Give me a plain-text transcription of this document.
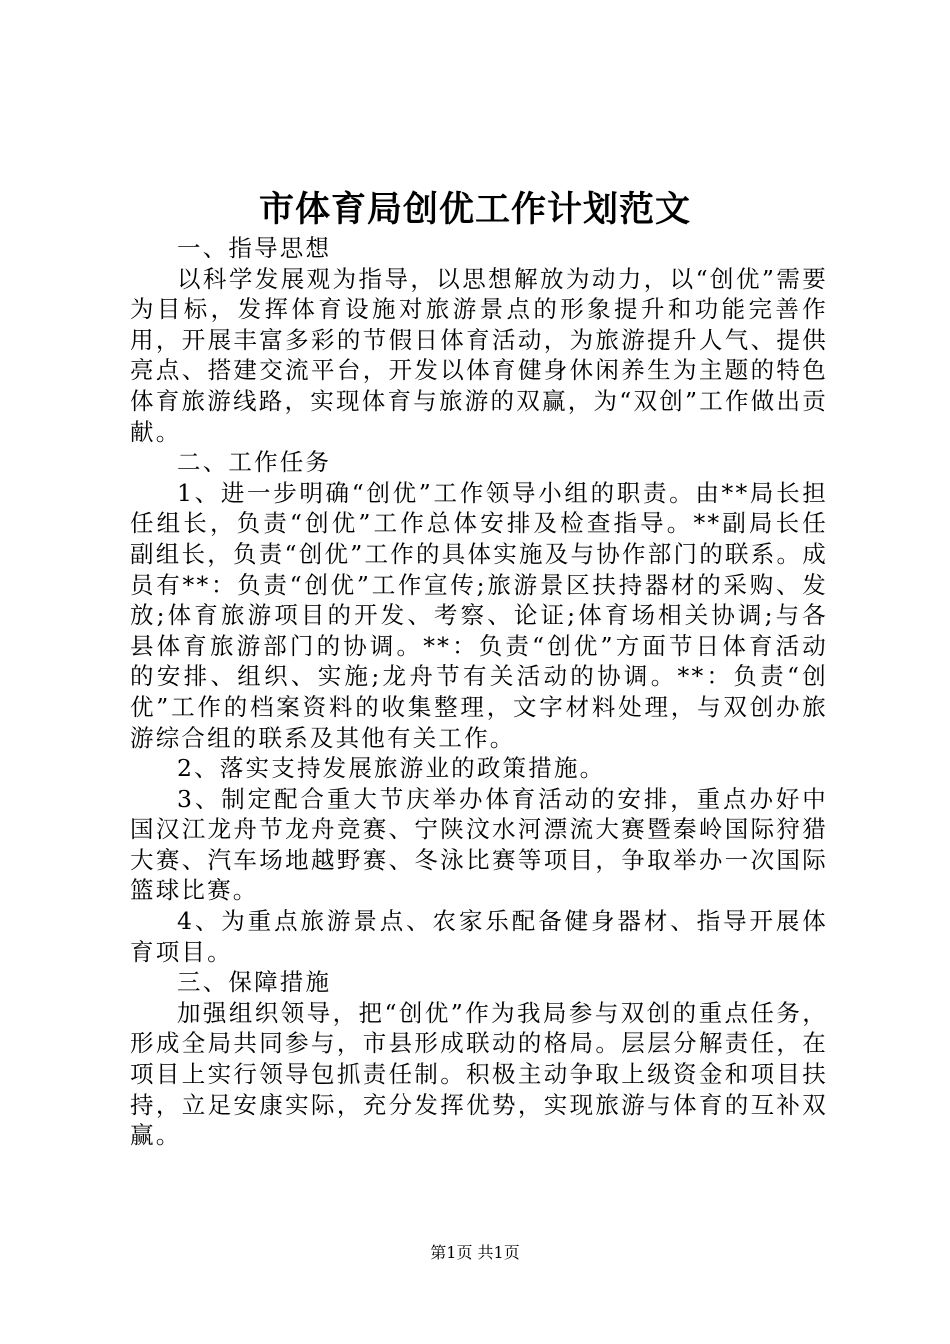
市体育局创优工作计划范文

一、指导思想

以科学发展观为指导，以思想解放为动力，以“创优”需要为目标，发挥体育设施对旅游景点的形象提升和功能完善作用，开展丰富多彩的节假日体育活动，为旅游提升人气、提供亮点、搭建交流平台，开发以体育健身休闲养生为主题的特色体育旅游线路，实现体育与旅游的双赢，为“双创”工作做出贡献。

二、工作任务

1、进一步明确“创优”工作领导小组的职责。由**局长担任组长，负责“创优”工作总体安排及检查指导。**副局长任副组长，负责“创优”工作的具体实施及与协作部门的联系。成员有**：负责“创优”工作宣传;旅游景区扶持器材的采购、发放;体育旅游项目的开发、考察、论证;体育场相关协调;与各县体育旅游部门的协调。**：负责“创优”方面节日体育活动的安排、组织、实施;龙舟节有关活动的协调。**：负责“创优”工作的档案资料的收集整理，文字材料处理，与双创办旅游综合组的联系及其他有关工作。

2、落实支持发展旅游业的政策措施。

3、制定配合重大节庆举办体育活动的安排，重点办好中国汉江龙舟节龙舟竞赛、宁陕汶水河漂流大赛暨秦岭国际狩猎大赛、汽车场地越野赛、冬泳比赛等项目，争取举办一次国际篮球比赛。

4、为重点旅游景点、农家乐配备健身器材、指导开展体育项目。

三、保障措施

加强组织领导，把“创优”作为我局参与双创的重点任务，形成全局共同参与，市县形成联动的格局。层层分解责任，在项目上实行领导包抓责任制。积极主动争取上级资金和项目扶持，立足安康实际，充分发挥优势，实现旅游与体育的互补双赢。

第1页 共1页
